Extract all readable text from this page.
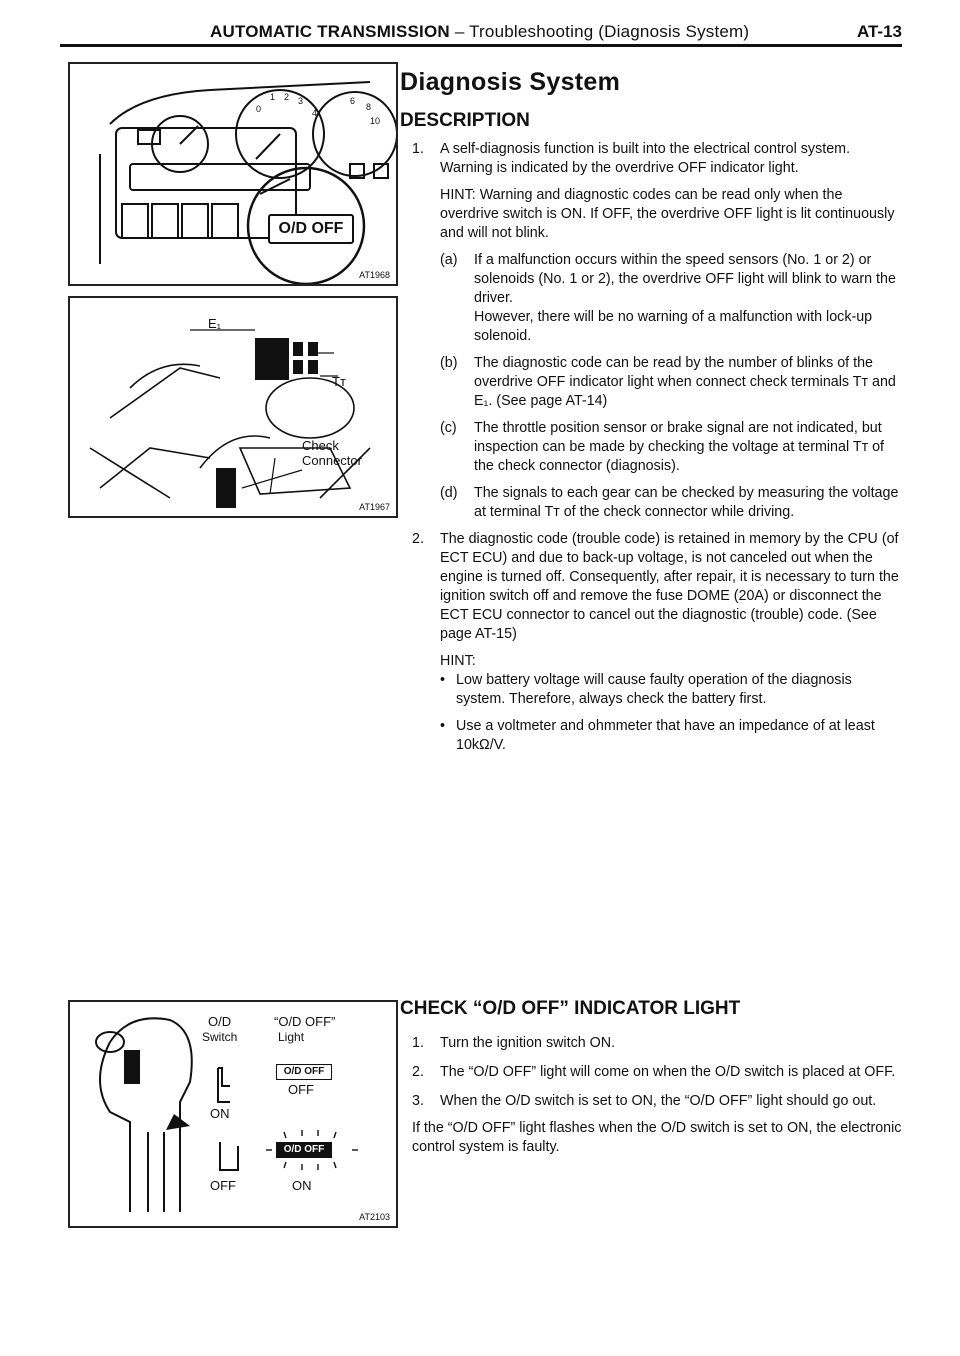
AUTOMATIC TRANSMISSION – Troubleshooting (Diagnosis System)	AT-13
1 2 3
4
0
6
8
10
O/D OFF
AT1968
E₁
Tᴛ
Check
Connector
AT1967
O/D
Switch
“O/D OFF”
Light
O/D OFF
ON
OFF
O/D OFF
OFF	ON
AT2103
Diagnosis System
DESCRIPTION
1. A self-diagnosis function is built into the electrical control system. Warning is indicated by the overdrive OFF indicator light.

HINT: Warning and diagnostic codes can be read only when the overdrive switch is ON. If OFF, the overdrive OFF light is lit continuously and will not blink.

(a) If a malfunction occurs within the speed sensors (No. 1 or 2) or solenoids (No. 1 or 2), the overdrive OFF light will blink to warn the driver.

However, there will be no warning of a malfunction with lock-up solenoid.

(b) The diagnostic code can be read by the number of blinks of the overdrive OFF indicator light when connect check terminals Tᴛ and E₁. (See page AT-14)

(c) The throttle position sensor or brake signal are not indicated, but inspection can be made by checking the voltage at terminal Tᴛ of the check connector (diagnosis).

(d) The signals to each gear can be checked by measuring the voltage at terminal Tᴛ of the check connector while driving.

2. The diagnostic code (trouble code) is retained in memory by the CPU (of ECT ECU) and due to back-up voltage, is not canceled out when the engine is turned off. Consequently, after repair, it is necessary to turn the ignition switch off and remove the fuse DOME (20A) or disconnect the ECT ECU connector to cancel out the diagnostic (trouble) code. (See page AT-15)

HINT:

• Low battery voltage will cause faulty operation of the diagnosis system. Therefore, always check the battery first.

• Use a voltmeter and ohmmeter that have an impedance of at least 10kΩ/V.

CHECK “O/D OFF” INDICATOR LIGHT
1. Turn the ignition switch ON.

2. The “O/D OFF” light will come on when the O/D switch is placed at OFF.

3. When the O/D switch is set to ON, the “O/D OFF” light should go out.

If the “O/D OFF” light flashes when the O/D switch is set to ON, the electronic control system is faulty.
